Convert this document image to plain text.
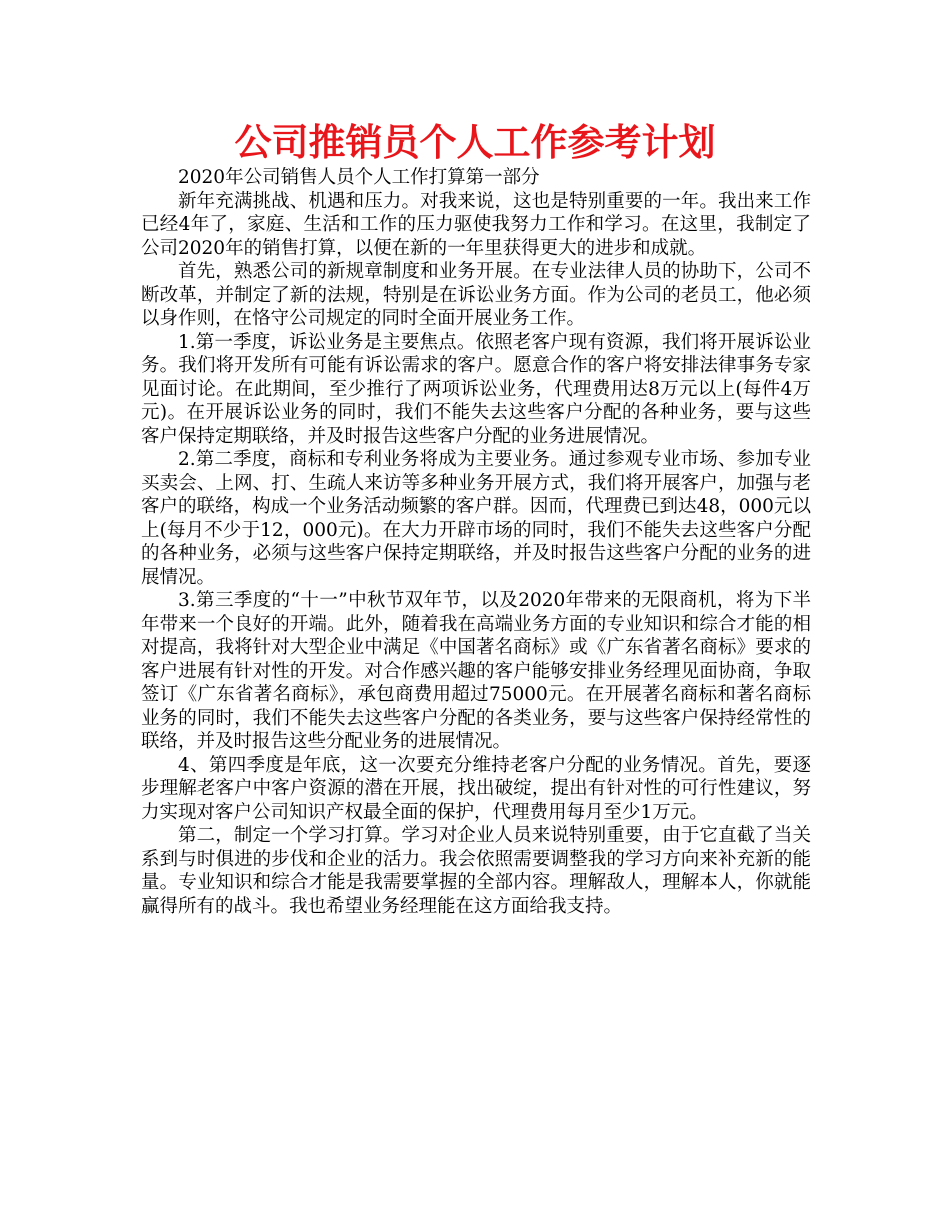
公司推销员个人工作参考计划

2020年公司销售人员个人工作打算第一部分

新年充满挑战、机遇和压力。对我来说，这也是特别重要的一年。我出来工作已经4年了，家庭、生活和工作的压力驱使我努力工作和学习。在这里，我制定了公司2020年的销售打算，以便在新的一年里获得更大的进步和成就。

首先，熟悉公司的新规章制度和业务开展。在专业法律人员的协助下，公司不断改革，并制定了新的法规，特别是在诉讼业务方面。作为公司的老员工，他必须以身作则，在恪守公司规定的同时全面开展业务工作。

1.第一季度，诉讼业务是主要焦点。依照老客户现有资源，我们将开展诉讼业务。我们将开发所有可能有诉讼需求的客户。愿意合作的客户将安排法律事务专家见面讨论。在此期间，至少推行了两项诉讼业务，代理费用达8万元以上(每件4万元)。在开展诉讼业务的同时，我们不能失去这些客户分配的各种业务，要与这些客户保持定期联络，并及时报告这些客户分配的业务进展情况。

2.第二季度，商标和专利业务将成为主要业务。通过参观专业市场、参加专业买卖会、上网、打、生疏人来访等多种业务开展方式，我们将开展客户，加强与老客户的联络，构成一个业务活动频繁的客户群。因而，代理费已到达48，000元以上(每月不少于12，000元)。在大力开辟市场的同时，我们不能失去这些客户分配的各种业务，必须与这些客户保持定期联络，并及时报告这些客户分配的业务的进展情况。

3.第三季度的“十一”中秋节双年节，以及2020年带来的无限商机，将为下半年带来一个良好的开端。此外，随着我在高端业务方面的专业知识和综合才能的相对提高，我将针对大型企业中满足《中国著名商标》或《广东省著名商标》要求的客户进展有针对性的开发。对合作感兴趣的客户能够安排业务经理见面协商，争取签订《广东省著名商标》，承包商费用超过75000元。在开展著名商标和著名商标业务的同时，我们不能失去这些客户分配的各类业务，要与这些客户保持经常性的联络，并及时报告这些分配业务的进展情况。

4、第四季度是年底，这一次要充分维持老客户分配的业务情况。首先，要逐步理解老客户中客户资源的潜在开展，找出破绽，提出有针对性的可行性建议，努力实现对客户公司知识产权最全面的保护，代理费用每月至少1万元。

第二，制定一个学习打算。学习对企业人员来说特别重要，由于它直截了当关系到与时俱进的步伐和企业的活力。我会依照需要调整我的学习方向来补充新的能量。专业知识和综合才能是我需要掌握的全部内容。理解敌人，理解本人，你就能赢得所有的战斗。我也希望业务经理能在这方面给我支持。
